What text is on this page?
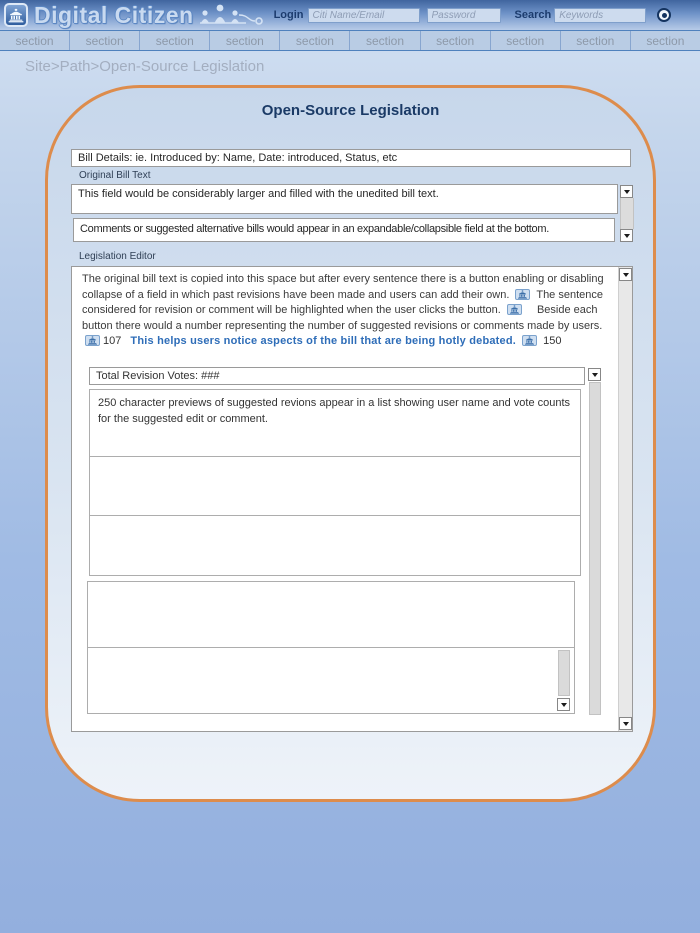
Digital Citizen	Login
Citi Name/Email
Password	Search
Keywords
section	section	section	section	section	section	section	section	section	section
Site>Path>Open-Source Legislation
Open-Source Legislation
Bill Details: ie. Introduced by: Name, Date: introduced, Status, etc
Original Bill Text
This field would be considerably larger and filled with the unedited bill text.
Comments or suggested alternative bills would appear in an expandable/collapsible field at the bottom.
Legislation Editor
The original bill text is copied into this space but after every sentence there is a button enabling or disabling collapse of a field in which past revisions have been made and users can add their own. The sentence considered for revision or comment will be highlighted when the user clicks the button.	Beside each button there would a number representing the number of suggested revisions or comments made by users.
107 This helps users notice aspects of the bill that are being hotly debated. 150
Total Revision Votes: ###
250 character previews of suggested revions appear in a list showing user name and vote counts for the suggested edit or comment.
